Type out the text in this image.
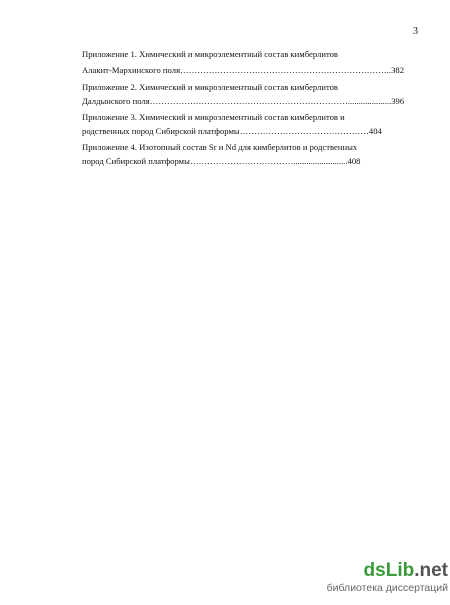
3
Приложение 1. Химический и микроэлементный состав кимберлитов
Алакит-Мархинского поля………………………………………………………………..382
Приложение 2. Химический и микроэлементный состав кимберлитов
Далдынского поля……………………………………………………………....................396
Приложение 3. Химический и микроэлементный состав кимберлитов и
родственных пород Сибирской платформы………………………………………404
Приложение 4. Изотопный состав Sr и Nd для кимберлитов и родственных
пород Сибирской платформы……………………………….........................408
dsLib.net
библиотека диссертаций
